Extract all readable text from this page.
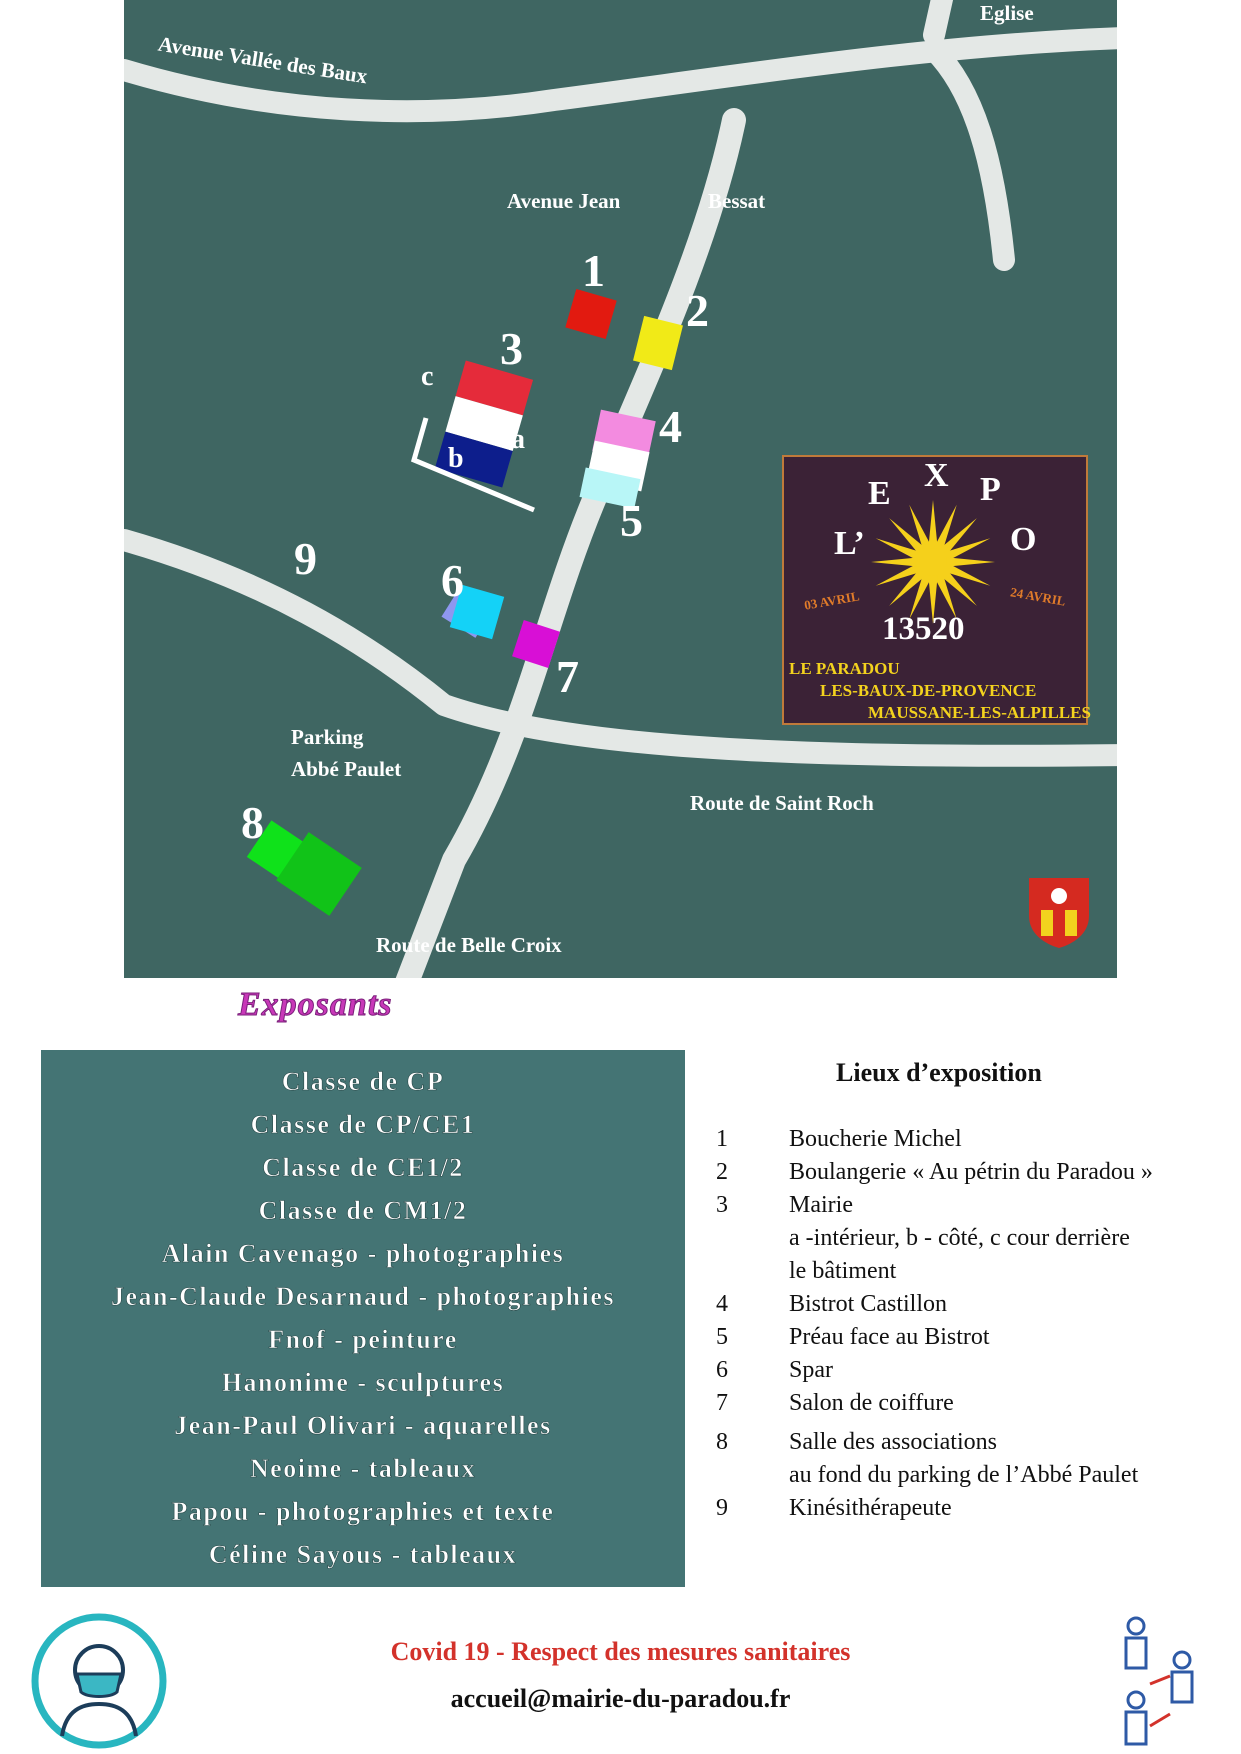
Avenue Vallée des Baux
Eglise
Avenue Jean	Bessat
Parking
Abbé Paulet
Route de Saint Roch
Route de Belle Croix
1
2
3
4
5
6
7
8
9
c
a
b
E X P
L’	O
03 AVRIL	24 AVRIL
13520
LE PARADOU
LES-BAUX-DE-PROVENCE
MAUSSANE-LES-ALPILLES
Exposants
Classe de CP
Classe de CP/CE1
Classe de CE1/2
Classe de CM1/2
Alain Cavenago - photographies
Jean-Claude Desarnaud - photographies
Fnof - peinture
Hanonime - sculptures
Jean-Paul Olivari - aquarelles
Neoime - tableaux
Papou - photographies et texte
Céline Sayous - tableaux
Lieux d’exposition
1	Boucherie Michel
2	Boulangerie « Au pétrin du Paradou »
3	Mairie
a -intérieur, b - côté, c cour derrière
le bâtiment
4	Bistrot Castillon
5	Préau face au Bistrot
6	Spar
7	Salon de coiffure
8	Salle des associations
au fond du parking de l’Abbé Paulet
9	Kinésithérapeute
Covid 19 - Respect des mesures sanitaires
accueil@mairie-du-paradou.fr
